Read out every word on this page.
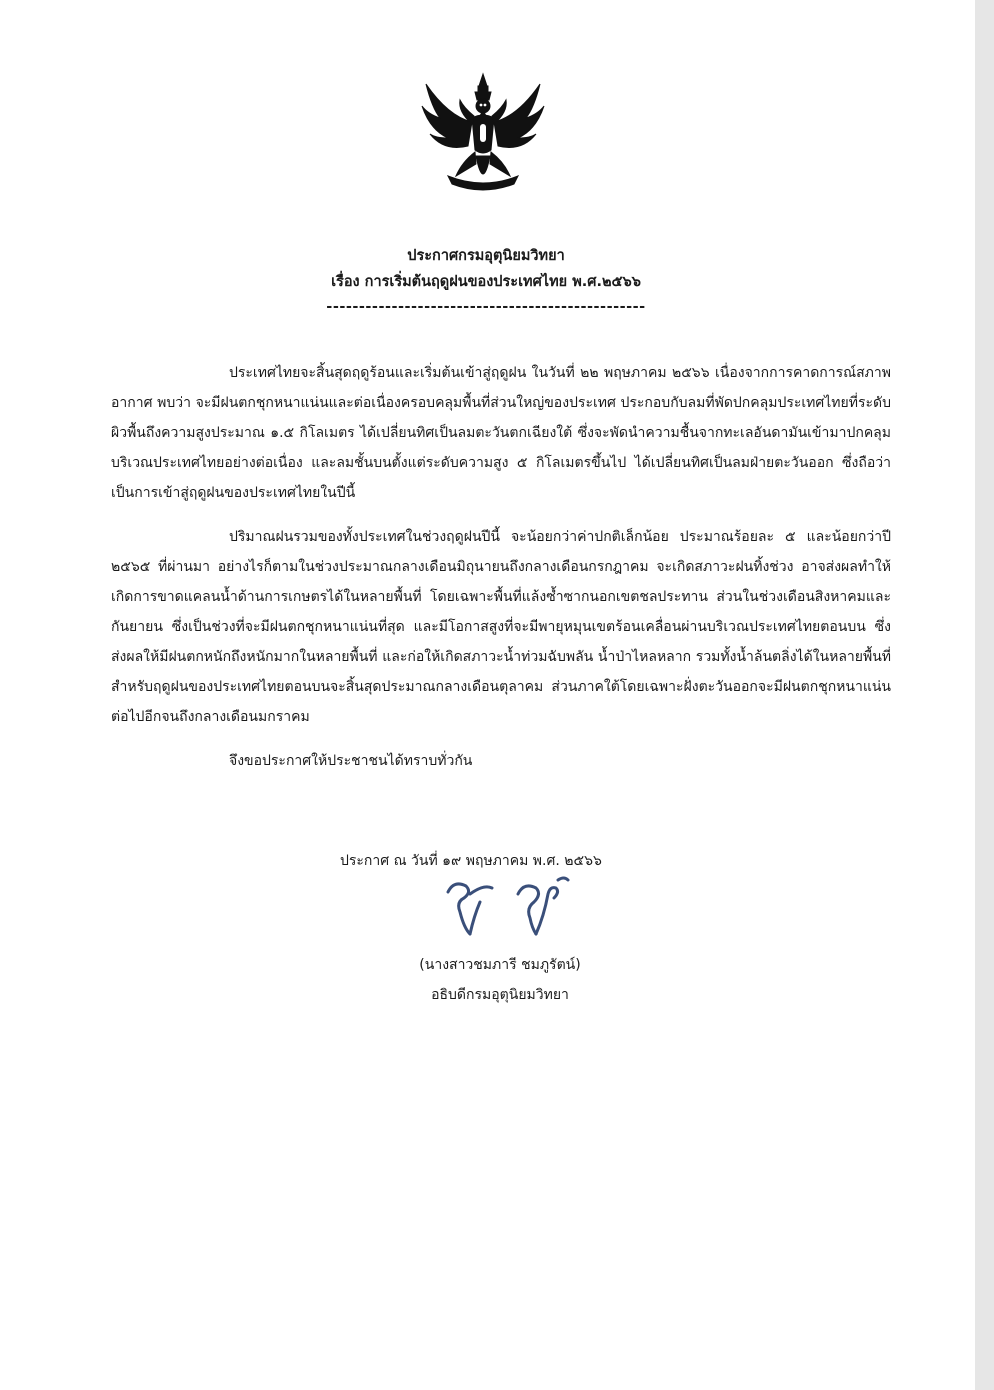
ประกาศกรมอุตุนิยมวิทยา
เรื่อง การเริ่มต้นฤดูฝนของประเทศไทย พ.ศ.๒๕๖๖
-------------------------------------------------

ประเทศไทยจะสิ้นสุดฤดูร้อนและเริ่มต้นเข้าสู่ฤดูฝน ในวันที่ ๒๒ พฤษภาคม ๒๕๖๖ เนื่องจากการคาดการณ์สภาพอากาศ พบว่า จะมีฝนตกชุกหนาแน่นและต่อเนื่องครอบคลุมพื้นที่ส่วนใหญ่ของประเทศ ประกอบกับลมที่พัดปกคลุมประเทศไทยที่ระดับผิวพื้นถึงความสูงประมาณ ๑.๕ กิโลเมตร ได้เปลี่ยนทิศเป็นลมตะวันตกเฉียงใต้ ซึ่งจะพัดนำความชื้นจากทะเลอันดามันเข้ามาปกคลุมบริเวณประเทศไทยอย่างต่อเนื่อง และลมชั้นบนตั้งแต่ระดับความสูง ๕ กิโลเมตรขึ้นไป ได้เปลี่ยนทิศเป็นลมฝ่ายตะวันออก ซึ่งถือว่าเป็นการเข้าสู่ฤดูฝนของประเทศไทยในปีนี้

ปริมาณฝนรวมของทั้งประเทศในช่วงฤดูฝนปีนี้ จะน้อยกว่าค่าปกติเล็กน้อย ประมาณร้อยละ ๕ และน้อยกว่าปี ๒๕๖๕ ที่ผ่านมา อย่างไรก็ตามในช่วงประมาณกลางเดือนมิถุนายนถึงกลางเดือนกรกฎาคม จะเกิดสภาวะฝนทิ้งช่วง อาจส่งผลทำให้เกิดการขาดแคลนน้ำด้านการเกษตรได้ในหลายพื้นที่ โดยเฉพาะพื้นที่แล้งซ้ำซากนอกเขตชลประทาน ส่วนในช่วงเดือนสิงหาคมและกันยายน ซึ่งเป็นช่วงที่จะมีฝนตกชุกหนาแน่นที่สุด และมีโอกาสสูงที่จะมีพายุหมุนเขตร้อนเคลื่อนผ่านบริเวณประเทศไทยตอนบน ซึ่งส่งผลให้มีฝนตกหนักถึงหนักมากในหลายพื้นที่ และก่อให้เกิดสภาวะน้ำท่วมฉับพลัน น้ำป่าไหลหลาก รวมทั้งน้ำล้นตลิ่งได้ในหลายพื้นที่ สำหรับฤดูฝนของประเทศไทยตอนบนจะสิ้นสุดประมาณกลางเดือนตุลาคม ส่วนภาคใต้โดยเฉพาะฝั่งตะวันออกจะมีฝนตกชุกหนาแน่นต่อไปอีกจนถึงกลางเดือนมกราคม

จึงขอประกาศให้ประชาชนได้ทราบทั่วกัน

ประกาศ ณ วันที่ ๑๙ พฤษภาคม พ.ศ. ๒๕๖๖
(นางสาวชมภารี ชมภูรัตน์)
อธิบดีกรมอุตุนิยมวิทยา
